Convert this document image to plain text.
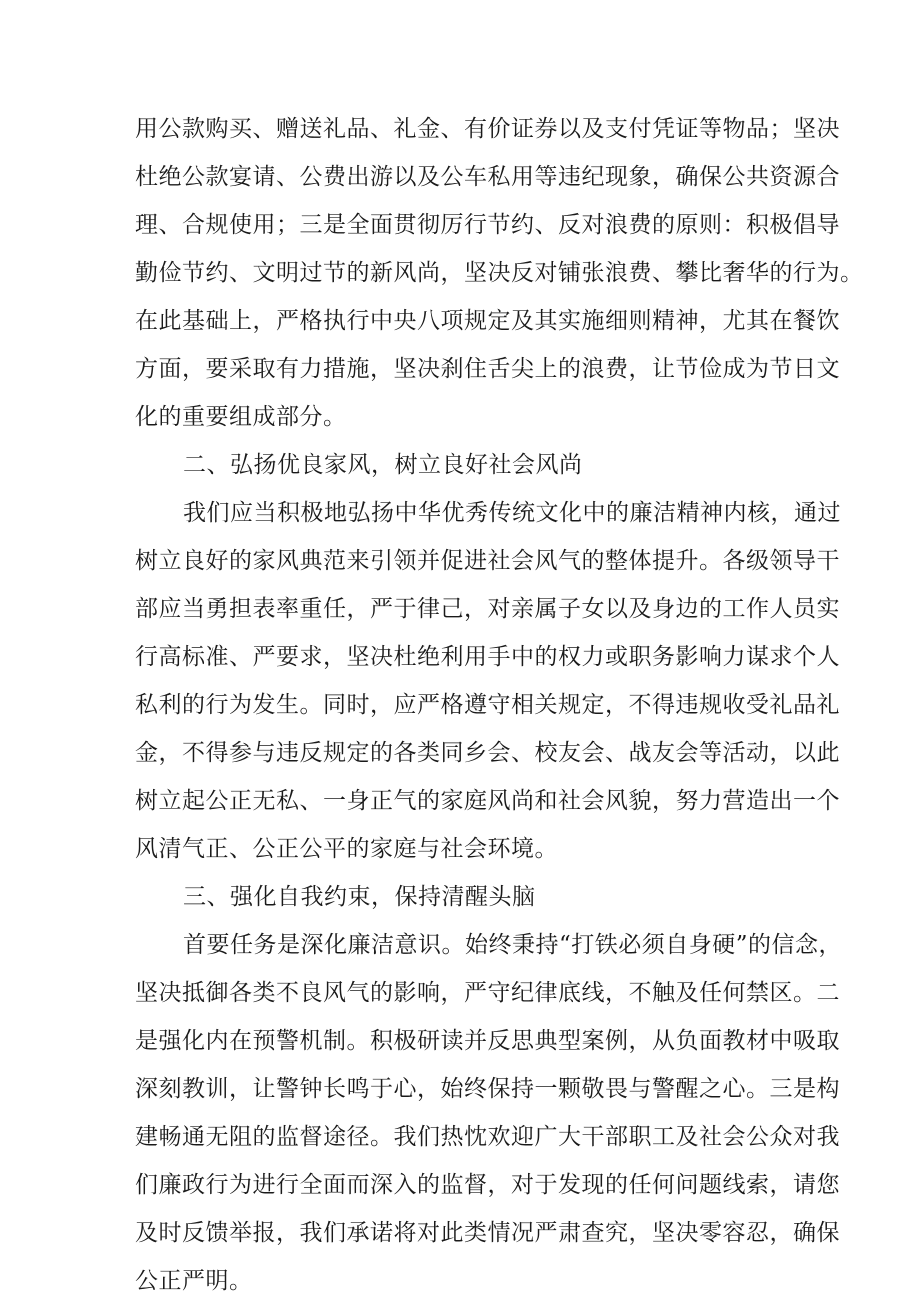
用公款购买、赠送礼品、礼金、有价证券以及支付凭证等物品；坚决
杜绝公款宴请、公费出游以及公车私用等违纪现象，确保公共资源合
理、合规使用；三是全面贯彻厉行节约、反对浪费的原则：积极倡导
勤俭节约、文明过节的新风尚，坚决反对铺张浪费、攀比奢华的行为。
在此基础上，严格执行中央八项规定及其实施细则精神，尤其在餐饮
方面，要采取有力措施，坚决刹住舌尖上的浪费，让节俭成为节日文
化的重要组成部分。
二、弘扬优良家风，树立良好社会风尚
我们应当积极地弘扬中华优秀传统文化中的廉洁精神内核，通过
树立良好的家风典范来引领并促进社会风气的整体提升。各级领导干
部应当勇担表率重任，严于律己，对亲属子女以及身边的工作人员实
行高标准、严要求，坚决杜绝利用手中的权力或职务影响力谋求个人
私利的行为发生。同时，应严格遵守相关规定，不得违规收受礼品礼
金，不得参与违反规定的各类同乡会、校友会、战友会等活动，以此
树立起公正无私、一身正气的家庭风尚和社会风貌，努力营造出一个
风清气正、公正公平的家庭与社会环境。
三、强化自我约束，保持清醒头脑
首要任务是深化廉洁意识。始终秉持“打铁必须自身硬”的信念，
坚决抵御各类不良风气的影响，严守纪律底线，不触及任何禁区。二
是强化内在预警机制。积极研读并反思典型案例，从负面教材中吸取
深刻教训，让警钟长鸣于心，始终保持一颗敬畏与警醒之心。三是构
建畅通无阻的监督途径。我们热忱欢迎广大干部职工及社会公众对我
们廉政行为进行全面而深入的监督，对于发现的任何问题线索，请您
及时反馈举报，我们承诺将对此类情况严肃查究，坚决零容忍，确保
公正严明。
